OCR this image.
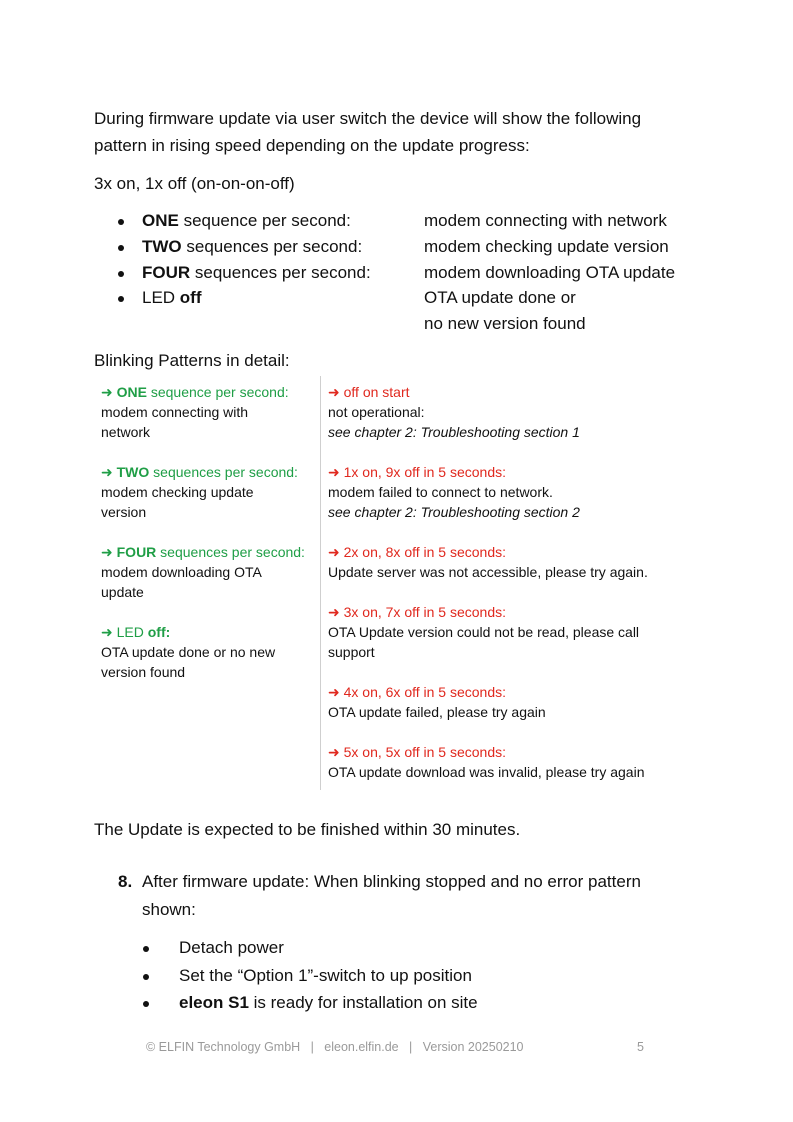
During firmware update via user switch the device will show the following
pattern in rising speed depending on the update progress:
3x on, 1x off (on-on-on-off)
ONE sequence per second:	modem connecting with network
TWO sequences per second:	modem checking update version
FOUR sequences per second:	modem downloading OTA update
LED off	OTA update done or
no new version found
Blinking Patterns in detail:
➜ ONE sequence per second:
modem connecting with
network
➜ TWO sequences per second:
modem checking update
version
➜ FOUR sequences per second:
modem downloading OTA
update
➜ LED off:
OTA update done or no new
version found
➜ off on start
not operational:
see chapter 2: Troubleshooting section 1
➜ 1x on, 9x off in 5 seconds:
modem failed to connect to network.
see chapter 2: Troubleshooting section 2
➜ 2x on, 8x off in 5 seconds:
Update server was not accessible, please try again.
➜ 3x on, 7x off in 5 seconds:
OTA Update version could not be read, please call
support
➜ 4x on, 6x off in 5 seconds:
OTA update failed, please try again
➜ 5x on, 5x off in 5 seconds:
OTA update download was invalid, please try again
The Update is expected to be finished within 30 minutes.
8. After firmware update: When blinking stopped and no error pattern
shown:
Detach power
Set the “Option 1”-switch to up position
eleon S1 is ready for installation on site
© ELFIN Technology GmbH   |   eleon.elfin.de   |   Version 20250210	5
